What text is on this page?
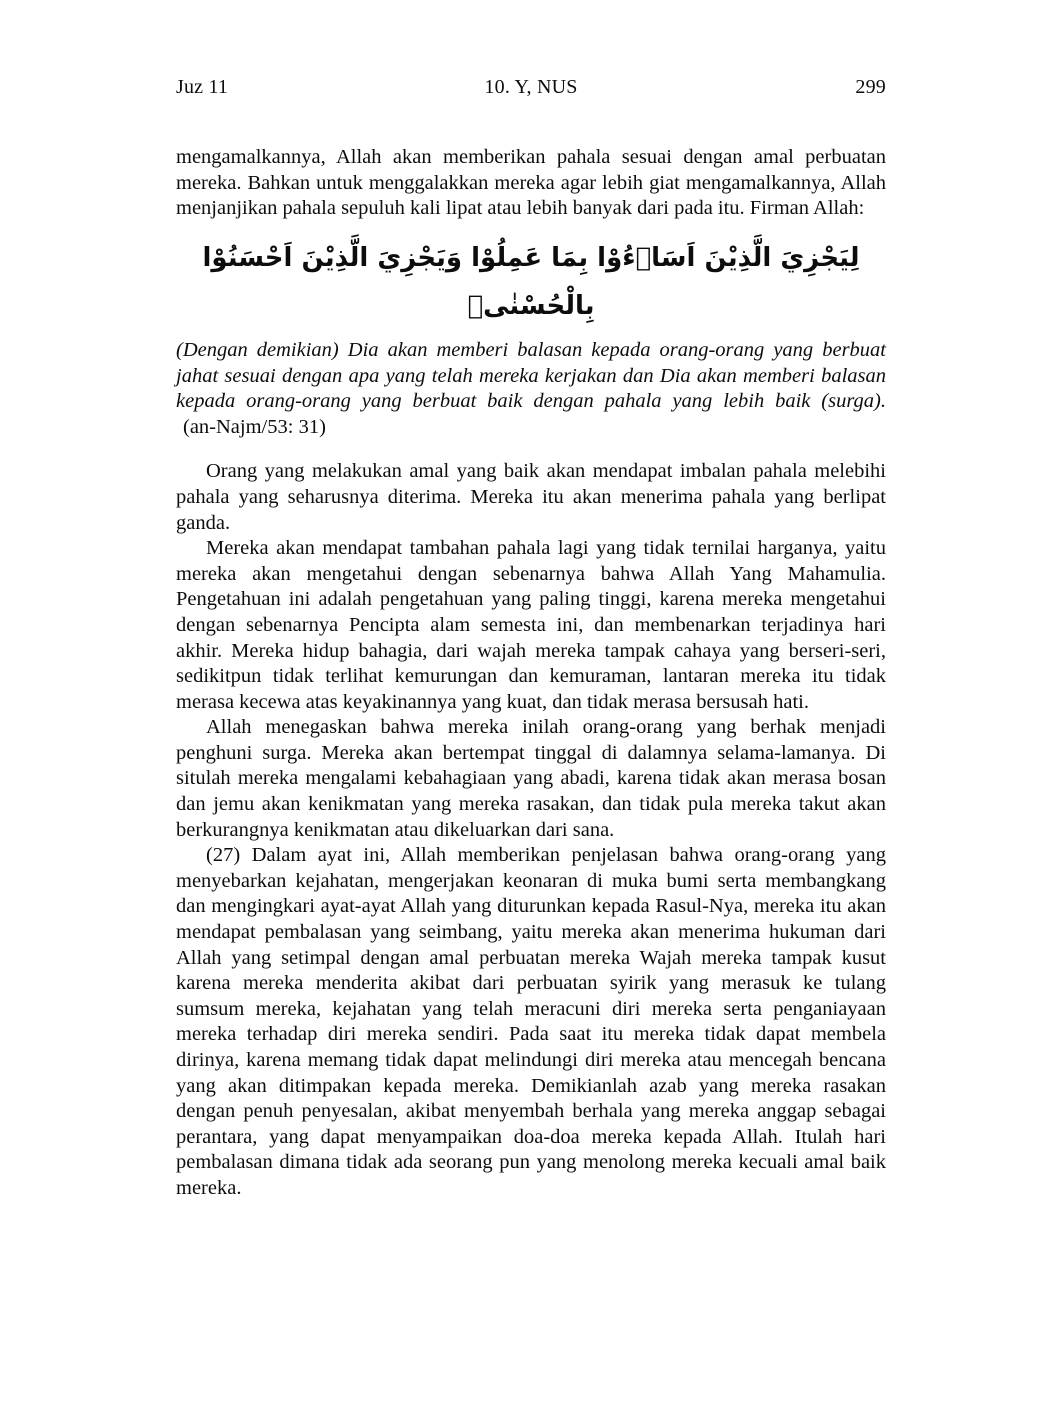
Juz 11	10. Y, NUS	299

mengamalkannya, Allah akan memberikan pahala sesuai dengan amal perbuatan mereka. Bahkan untuk menggalakkan mereka agar lebih giat mengamalkannya, Allah menjanjikan pahala sepuluh kali lipat atau lebih banyak dari pada itu. Firman Allah:

لِيَجْزِيَ الَّذِيْنَ اَسَاۤءُوْا بِمَا عَمِلُوْا وَيَجْزِيَ الَّذِيْنَ اَحْسَنُوْا بِالْحُسْنٰىۚ

(Dengan demikian) Dia akan memberi balasan kepada orang-orang yang berbuat jahat sesuai dengan apa yang telah mereka kerjakan dan Dia akan memberi balasan kepada orang-orang yang berbuat baik dengan pahala yang lebih baik (surga). (an-Najm/53: 31)

Orang yang melakukan amal yang baik akan mendapat imbalan pahala melebihi pahala yang seharusnya diterima. Mereka itu akan menerima pahala yang berlipat ganda.

Mereka akan mendapat tambahan pahala lagi yang tidak ternilai harganya, yaitu mereka akan mengetahui dengan sebenarnya bahwa Allah Yang Mahamulia. Pengetahuan ini adalah pengetahuan yang paling tinggi, karena mereka mengetahui dengan sebenarnya Pencipta alam semesta ini, dan membenarkan terjadinya hari akhir. Mereka hidup bahagia, dari wajah mereka tampak cahaya yang berseri-seri, sedikitpun tidak terlihat kemurungan dan kemuraman, lantaran mereka itu tidak merasa kecewa atas keyakinannya yang kuat, dan tidak merasa bersusah hati.

Allah menegaskan bahwa mereka inilah orang-orang yang berhak menjadi penghuni surga. Mereka akan bertempat tinggal di dalamnya selama-lamanya. Di situlah mereka mengalami kebahagiaan yang abadi, karena tidak akan merasa bosan dan jemu akan kenikmatan yang mereka rasakan, dan tidak pula mereka takut akan berkurangnya kenikmatan atau dikeluarkan dari sana.

(27) Dalam ayat ini, Allah memberikan penjelasan bahwa orang-orang yang menyebarkan kejahatan, mengerjakan keonaran di muka bumi serta membangkang dan mengingkari ayat-ayat Allah yang diturunkan kepada Rasul-Nya, mereka itu akan mendapat pembalasan yang seimbang, yaitu mereka akan menerima hukuman dari Allah yang setimpal dengan amal perbuatan mereka Wajah mereka tampak kusut karena mereka menderita akibat dari perbuatan syirik yang merasuk ke tulang sumsum mereka, kejahatan yang telah meracuni diri mereka serta penganiayaan mereka terhadap diri mereka sendiri. Pada saat itu mereka tidak dapat membela dirinya, karena memang tidak dapat melindungi diri mereka atau mencegah bencana yang akan ditimpakan kepada mereka. Demikianlah azab yang mereka rasakan dengan penuh penyesalan, akibat menyembah berhala yang mereka anggap sebagai perantara, yang dapat menyampaikan doa-doa mereka kepada Allah. Itulah hari pembalasan dimana tidak ada seorang pun yang menolong mereka kecuali amal baik mereka.
